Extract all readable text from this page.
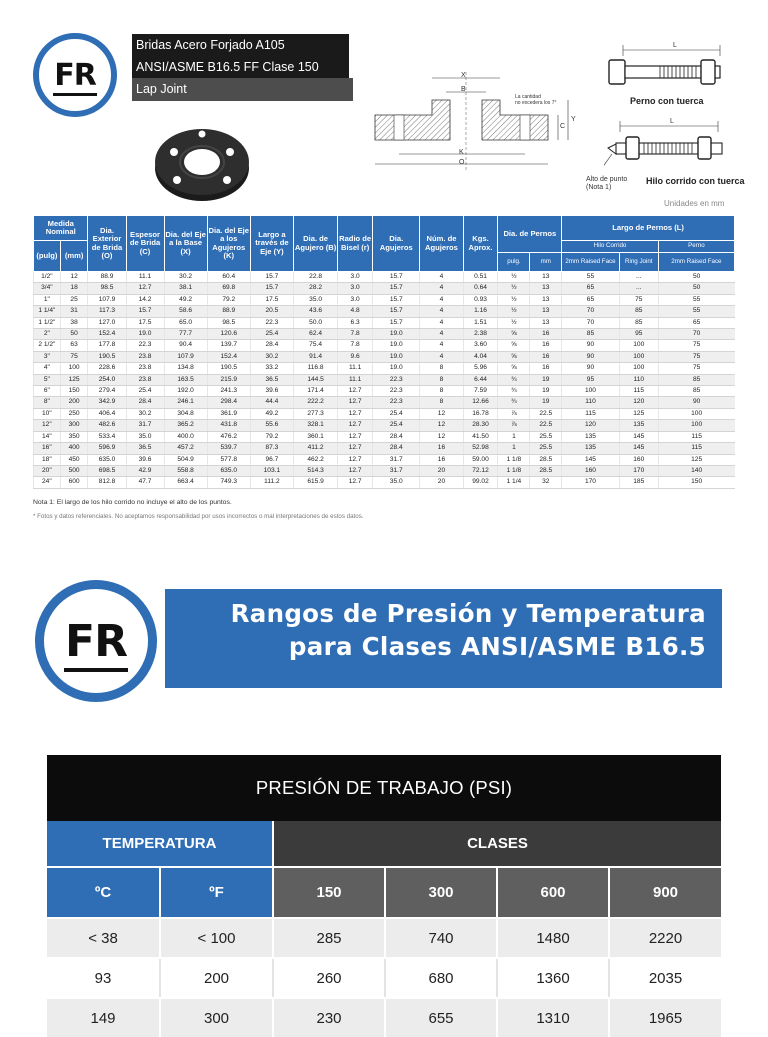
FR
Bridas Acero Forjado A105
ANSI/ASME B16.5 FF Clase 150
Lap Joint
X
B
K
O
C
Y
La cantidad
no excedera los 7°
L
Perno con tuerca
L
Alto de punto
(Nota 1)
Hilo corrido con tuerca
Unidades en mm
Medida Nominal		Dia. Exterior de Brida (O)	Espesor de Brida (C)	Dia. del Eje a la Base (X)	Dia. del Eje a los Agujeros (K)	Largo a través de Eje (Y)	Dia. de Agujero (B)	Radio de Bisel (r)	Dia. Agujeros	Núm. de Agujeros	Kgs. Aprox.	Dia. de Pernos		Largo de Pernos (L)		
(pulg)	(mm)													Hilo Corrido		Perno
												pulg.	mm	2mm Raised Face	Ring Joint	2mm Raised Face
1/2"	12	88.9	11.1	30.2	60.4	15.7	22.8	3.0	15.7	4	0.51	½	13	55	...	50
3/4"	18	98.5	12.7	38.1	69.8	15.7	28.2	3.0	15.7	4	0.64	½	13	65	...	50
1"	25	107.9	14.2	49.2	79.2	17.5	35.0	3.0	15.7	4	0.93	½	13	65	75	55
1 1/4"	31	117.3	15.7	58.6	88.9	20.5	43.6	4.8	15.7	4	1.16	½	13	70	85	55
1 1/2"	38	127.0	17.5	65.0	98.5	22.3	50.0	6.3	15.7	4	1.51	½	13	70	85	65
2"	50	152.4	19.0	77.7	120.6	25.4	62.4	7.8	19.0	4	2.38	⅝	16	85	95	70
2 1/2"	63	177.8	22.3	90.4	139.7	28.4	75.4	7.8	19.0	4	3.60	⅝	16	90	100	75
3"	75	190.5	23.8	107.9	152.4	30.2	91.4	9.6	19.0	4	4.04	⅝	16	90	100	75
4"	100	228.6	23.8	134.8	190.5	33.2	116.8	11.1	19.0	8	5.96	⅝	16	90	100	75
5"	125	254.0	23.8	163.5	215.9	36.5	144.5	11.1	22.3	8	6.44	¾	19	95	110	85
6"	150	279.4	25.4	192.0	241.3	39.6	171.4	12.7	22.3	8	7.59	¾	19	100	115	85
8"	200	342.9	28.4	246.1	298.4	44.4	222.2	12.7	22.3	8	12.66	¾	19	110	120	90
10"	250	406.4	30.2	304.8	361.9	49.2	277.3	12.7	25.4	12	16.78	⅞	22.5	115	125	100
12"	300	482.6	31.7	365.2	431.8	55.6	328.1	12.7	25.4	12	28.30	⅞	22.5	120	135	100
14"	350	533.4	35.0	400.0	476.2	79.2	360.1	12.7	28.4	12	41.50	1	25.5	135	145	115
16"	400	596.9	36.5	457.2	539.7	87.3	411.2	12.7	28.4	16	52.98	1	25.5	135	145	115
18"	450	635.0	39.6	504.9	577.8	96.7	462.2	12.7	31.7	16	59.00	1 1/8	28.5	145	160	125
20"	500	698.5	42.9	558.8	635.0	103.1	514.3	12.7	31.7	20	72.12	1 1/8	28.5	160	170	140
24"	600	812.8	47.7	663.4	749.3	111.2	615.9	12.7	35.0	20	99.02	1 1/4	32	170	185	150
Nota 1: El largo de los hilo corrido no incluye el alto de los puntos.
* Fotos y datos referenciales. No aceptamos responsabilidad por usos incorrectos o mal interpretaciones de estos datos.
Rangos de Presión y Temperatura
para Clases ANSI/ASME B16.5
FR
PRESIÓN DE TRABAJO (PSI)
TEMPERATURA	CLASES
ºC	ºF	150	300	600	900
< 38	< 100	285	740	1480	2220
93	200	260	680	1360	2035
149	300	230	655	1310	1965
